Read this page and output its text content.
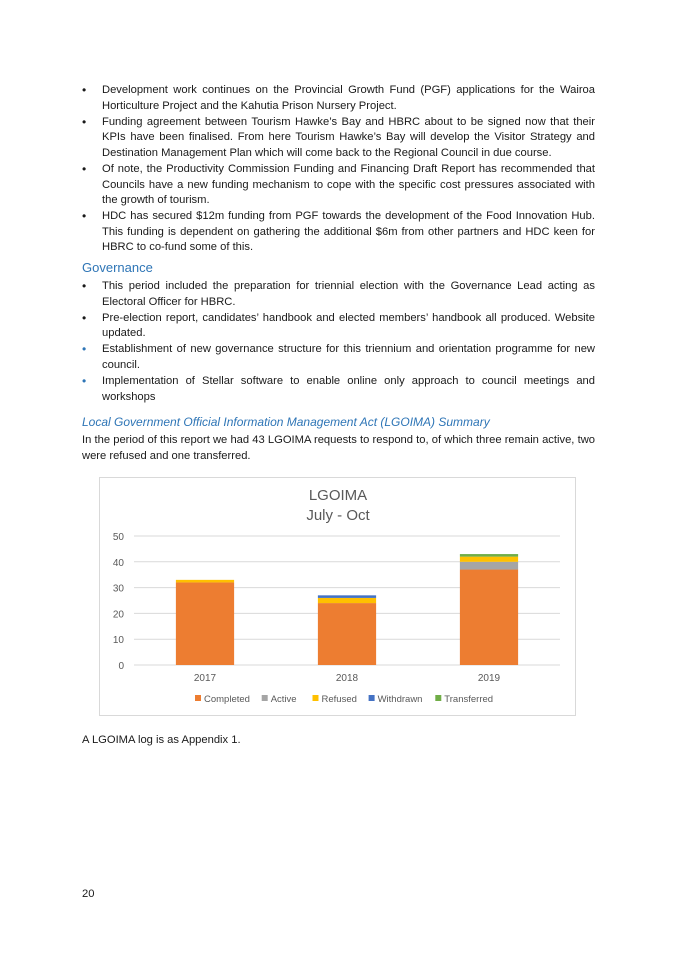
• Development work continues on the Provincial Growth Fund (PGF) applications for the Wairoa Horticulture Project and the Kahutia Prison Nursery Project.
• Funding agreement between Tourism Hawke’s Bay and HBRC about to be signed now that their KPIs have been finalised. From here Tourism Hawke’s Bay will develop the Visitor Strategy and Destination Management Plan which will come back to the Regional Council in due course.
• Of note, the Productivity Commission Funding and Financing Draft Report has recommended that Councils have a new funding mechanism to cope with the specific cost pressures associated with the growth of tourism.
• HDC has secured $12m funding from PGF towards the development of the Food Innovation Hub. This funding is dependent on gathering the additional $6m from other partners and HDC keen for HBRC to co-fund some of this.
Governance
• This period included the preparation for triennial election with the Governance Lead acting as Electoral Officer for HBRC.
• Pre-election report, candidates’ handbook and elected members’ handbook all produced. Website updated.
• Establishment of new governance structure for this triennium and orientation programme for new council.
• Implementation of Stellar software to enable online only approach to council meetings and workshops
Local Government Official Information Management Act (LGOIMA) Summary

In the period of this report we had 43 LGOIMA requests to respond to, of which three remain active, two were refused and one transferred.

LGOIMA
July - Oct
0
10
20
30
40
50
2017	2018	2019
Completed Active	Refused Withdrawn Transferred
A LGOIMA log is as Appendix 1.
20
